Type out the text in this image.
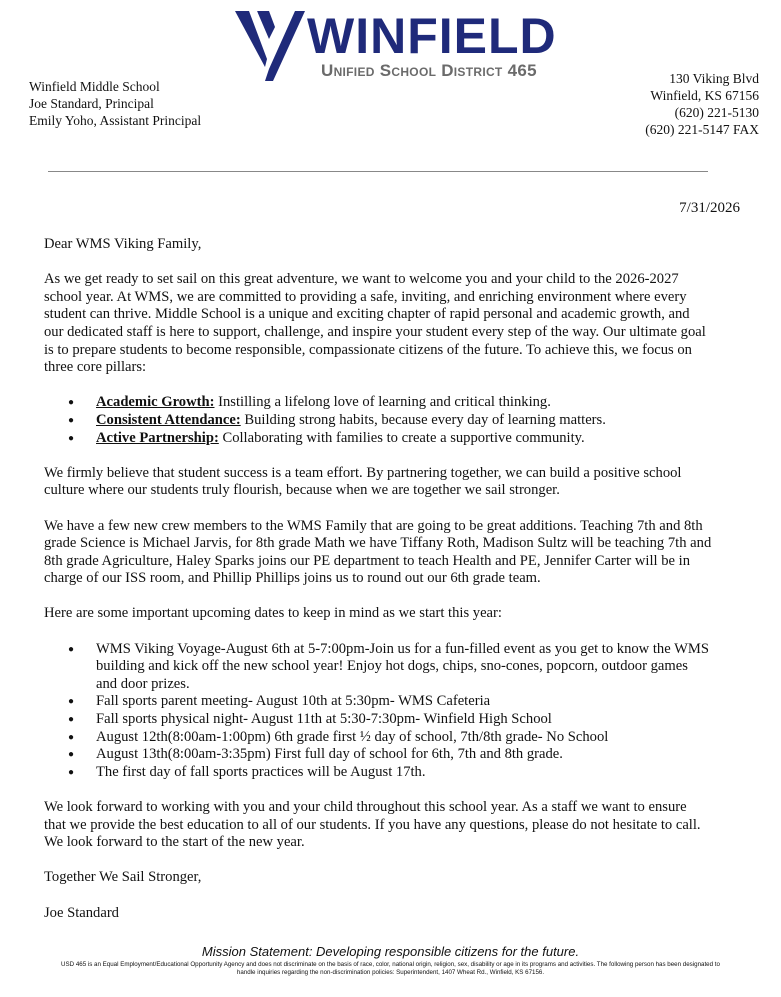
WINFIELD
Unified School District 465
Winfield Middle School
Joe Standard, Principal
Emily Yoho, Assistant Principal
130 Viking Blvd
Winfield, KS 67156
(620) 221-5130
(620) 221-5147 FAX
7/31/2026

Dear WMS Viking Family,

As we get ready to set sail on this great adventure, we want to welcome you and your child to the 2026-2027 school year. At WMS, we are committed to providing a safe, inviting, and enriching environment where every student can thrive. Middle School is a unique and exciting chapter of rapid personal and academic growth, and our dedicated staff is here to support, challenge, and inspire your student every step of the way. Our ultimate goal is to prepare students to become responsible, compassionate citizens of the future. To achieve this, we focus on three core pillars:

● Academic Growth: Instilling a lifelong love of learning and critical thinking.
● Consistent Attendance: Building strong habits, because every day of learning matters.
● Active Partnership: Collaborating with families to create a supportive community.

We firmly believe that student success is a team effort. By partnering together, we can build a positive school culture where our students truly flourish, because when we are together we sail stronger.

We have a few new crew members to the WMS Family that are going to be great additions. Teaching 7th and 8th grade Science is Michael Jarvis, for 8th grade Math we have Tiffany Roth, Madison Sultz will be teaching 7th and 8th grade Agriculture, Haley Sparks joins our PE department to teach Health and PE, Jennifer Carter will be in charge of our ISS room, and Phillip Phillips joins us to round out our 6th grade team.

Here are some important upcoming dates to keep in mind as we start this year:

● WMS Viking Voyage-August 6th at 5-7:00pm-Join us for a fun-filled event as you get to know the WMS building and kick off the new school year! Enjoy hot dogs, chips, sno-cones, popcorn, outdoor games and door prizes.
● Fall sports parent meeting- August 10th at 5:30pm- WMS Cafeteria
● Fall sports physical night- August 11th at 5:30-7:30pm- Winfield High School
● August 12th(8:00am-1:00pm) 6th grade first ½ day of school, 7th/8th grade- No School
● August 13th(8:00am-3:35pm) First full day of school for 6th, 7th and 8th grade.
● The first day of fall sports practices will be August 17th.

We look forward to working with you and your child throughout this school year. As a staff we want to ensure that we provide the best education to all of our students. If you have any questions, please do not hesitate to call. We look forward to the start of the new year.

Together We Sail Stronger,

Joe Standard

Mission Statement: Developing responsible citizens for the future.
USD 465 is an Equal Employment/Educational Opportunity Agency and does not discriminate on the basis of race, color, national origin, religion, sex, disability or age in its programs and activities. The following person has been designated to handle inquiries regarding the non-discrimination policies: Superintendent, 1407 Wheat Rd., Winfield, KS 67156.
